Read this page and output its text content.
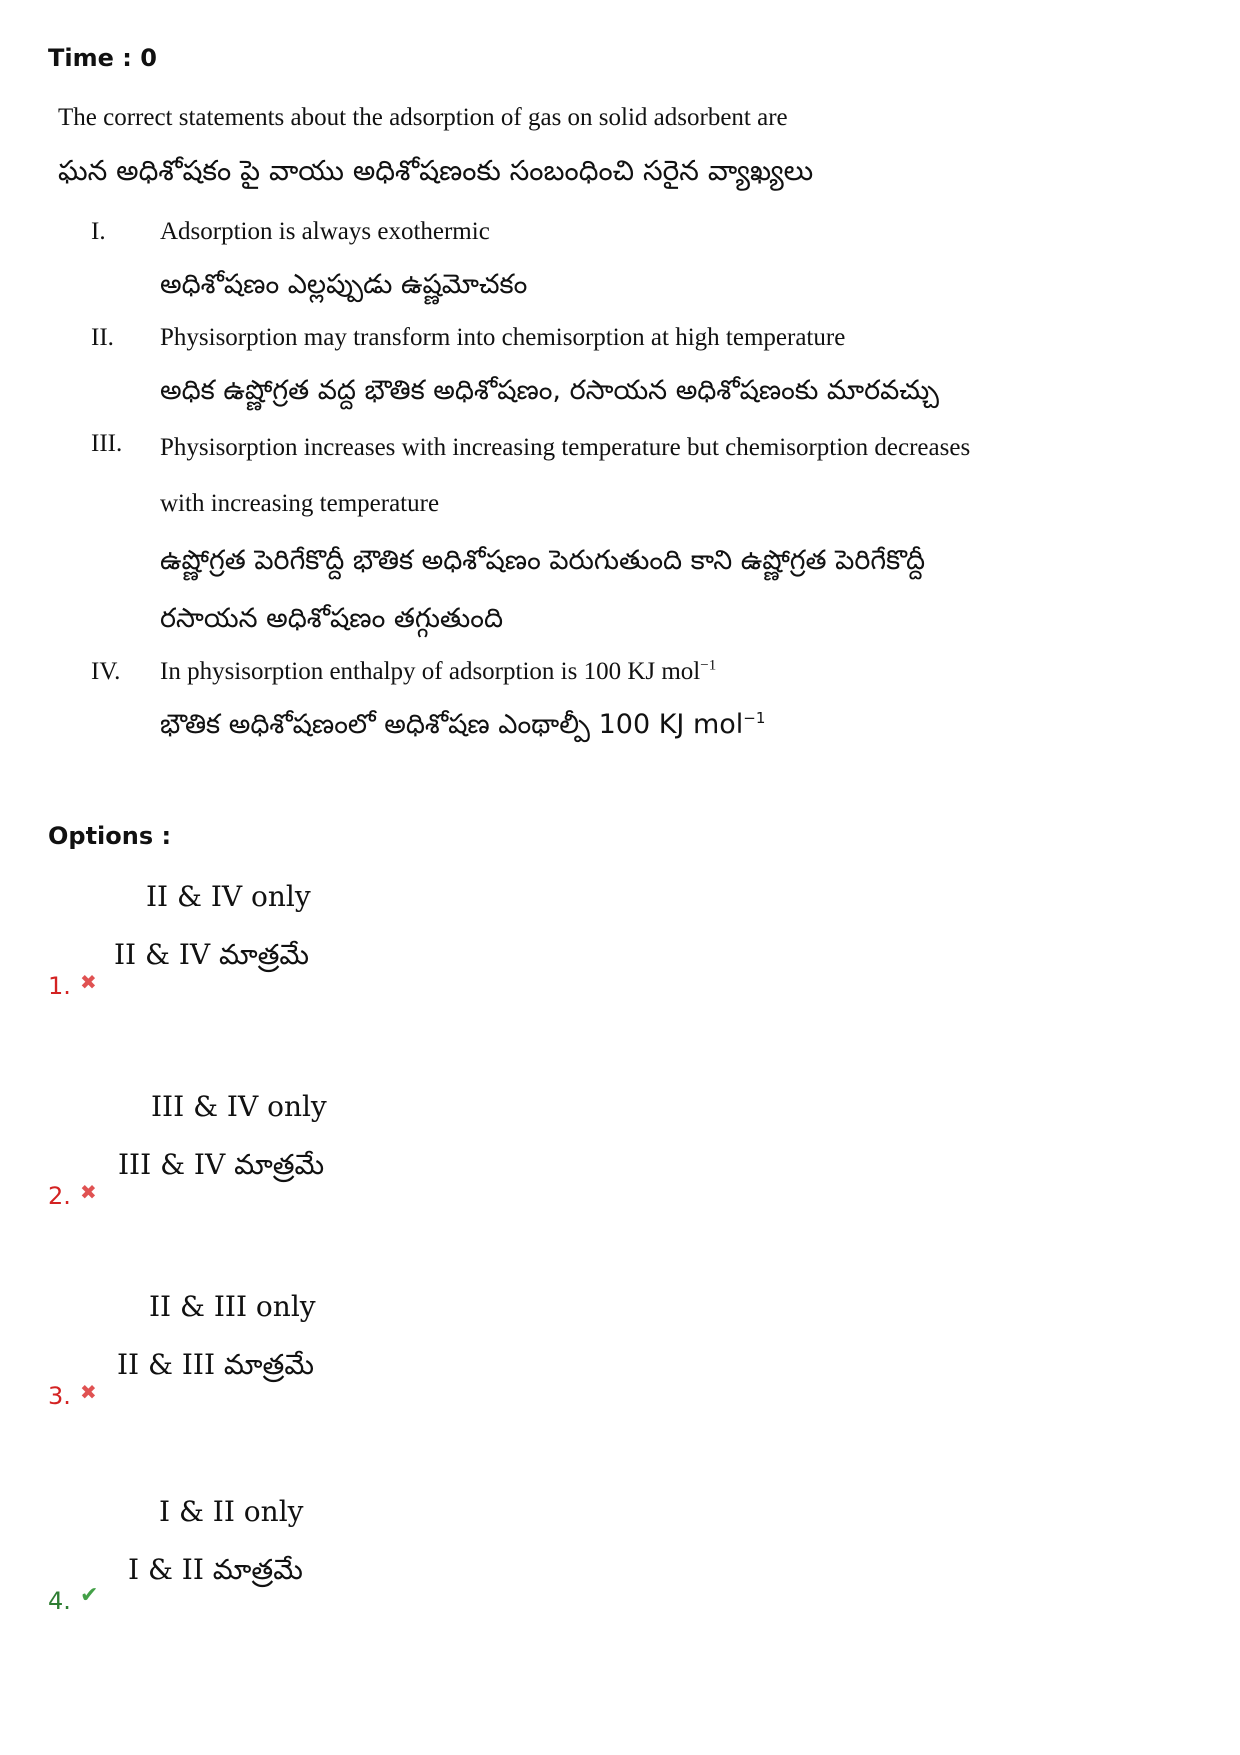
Time : 0
The correct statements about the adsorption of gas on solid adsorbent are
ఘన అధిశోషకం పై వాయు అధిశోషణంకు సంబంధించి సరైన వ్యాఖ్యలు
I. Adsorption is always exothermic
అధిశోషణం ఎల్లప్పుడు ఉష్ణమోచకం
II. Physisorption may transform into chemisorption at high temperature
అధిక ఉష్ణోగ్రత వద్ద భౌతిక అధిశోషణం, రసాయన అధిశోషణంకు మారవచ్చు
III. Physisorption increases with increasing temperature but chemisorption decreases with increasing temperature
ఉష్ణోగ్రత పెరిగేకొద్దీ భౌతిక అధిశోషణం పెరుగుతుంది కాని ఉష్ణోగ్రత పెరిగేకొద్దీ రసాయన అధిశోషణం తగ్గుతుంది
IV. In physisorption enthalpy of adsorption is 100 KJ mol$^{-1}$
భౌతిక అధిశోషణంలో అధిశోషణ ఎంథాల్పీ 100 KJ mol$^{-1}$
Options :
II & IV only
II & IV మాత్రమే
1. ✖
III & IV only
III & IV మాత్రమే
2. ✖
II & III only
II & III మాత్రమే
3. ✖
I & II only
I & II మాత్రమే
4. ✔
